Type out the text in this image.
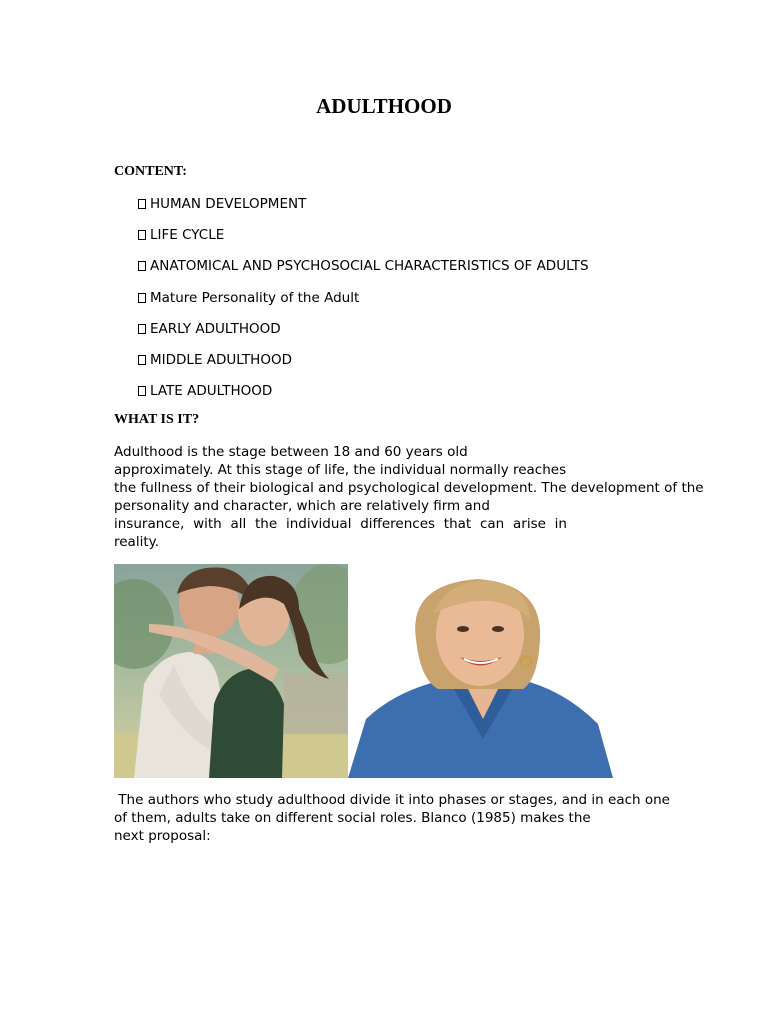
ADULTHOOD
CONTENT:
HUMAN DEVELOPMENT
LIFE CYCLE
ANATOMICAL AND PSYCHOSOCIAL CHARACTERISTICS OF ADULTS
Mature Personality of the Adult
EARLY ADULTHOOD
MIDDLE ADULTHOOD
LATE ADULTHOOD
WHAT IS IT?
Adulthood is the stage between 18 and 60 years old
approximately. At this stage of life, the individual normally reaches
the fullness of their biological and psychological development. The development of the
personality and character, which are relatively firm and
insurance, with all the individual differences that can arise in
reality.
The authors who study adulthood divide it into phases or stages, and in each one
of them, adults take on different social roles. Blanco (1985) makes the
next proposal:
